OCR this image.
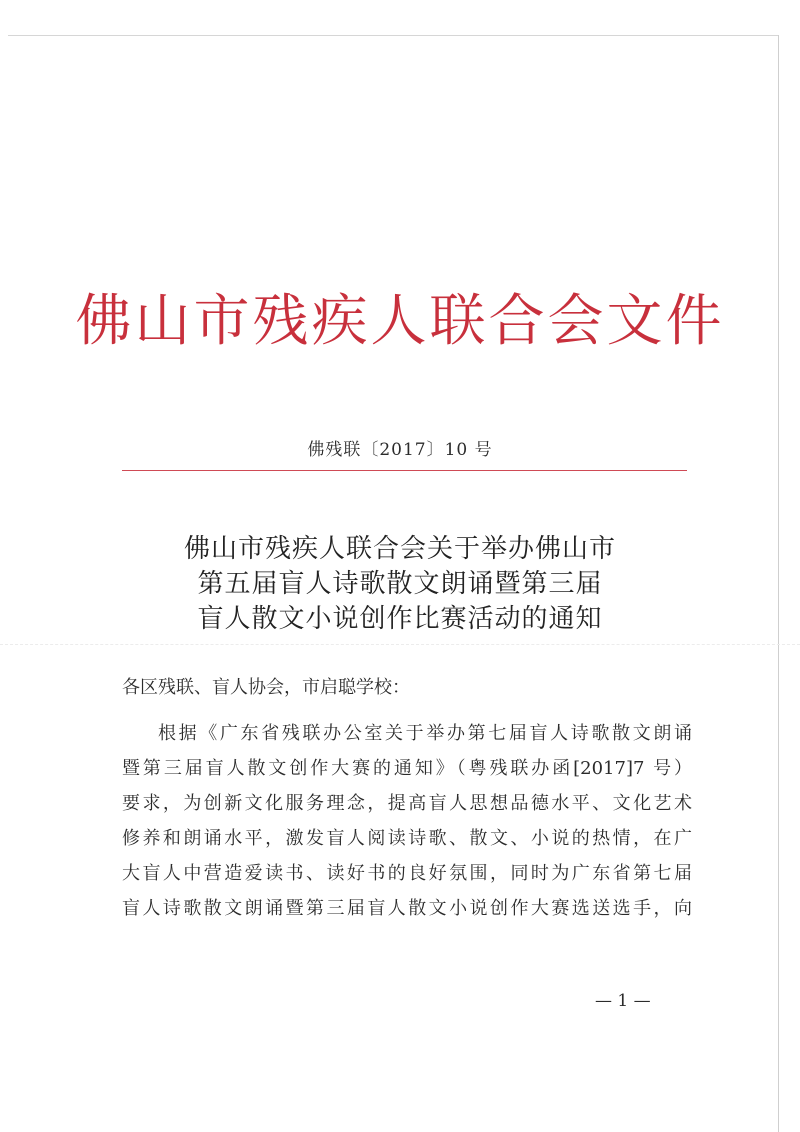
佛山市残疾人联合会文件
佛残联〔2017〕10 号
佛山市残疾人联合会关于举办佛山市
第五届盲人诗歌散文朗诵暨第三届
盲人散文小说创作比赛活动的通知
各区残联、盲人协会，市启聪学校：
根据《广东省残联办公室关于举办第七届盲人诗歌散文朗诵
暨第三届盲人散文创作大赛的通知》（粤残联办函[2017]7 号）
要求，为创新文化服务理念，提高盲人思想品德水平、文化艺术
修养和朗诵水平，激发盲人阅读诗歌、散文、小说的热情，在广
大盲人中营造爱读书、读好书的良好氛围，同时为广东省第七届
盲人诗歌散文朗诵暨第三届盲人散文小说创作大赛选送选手，向
— 1 —
